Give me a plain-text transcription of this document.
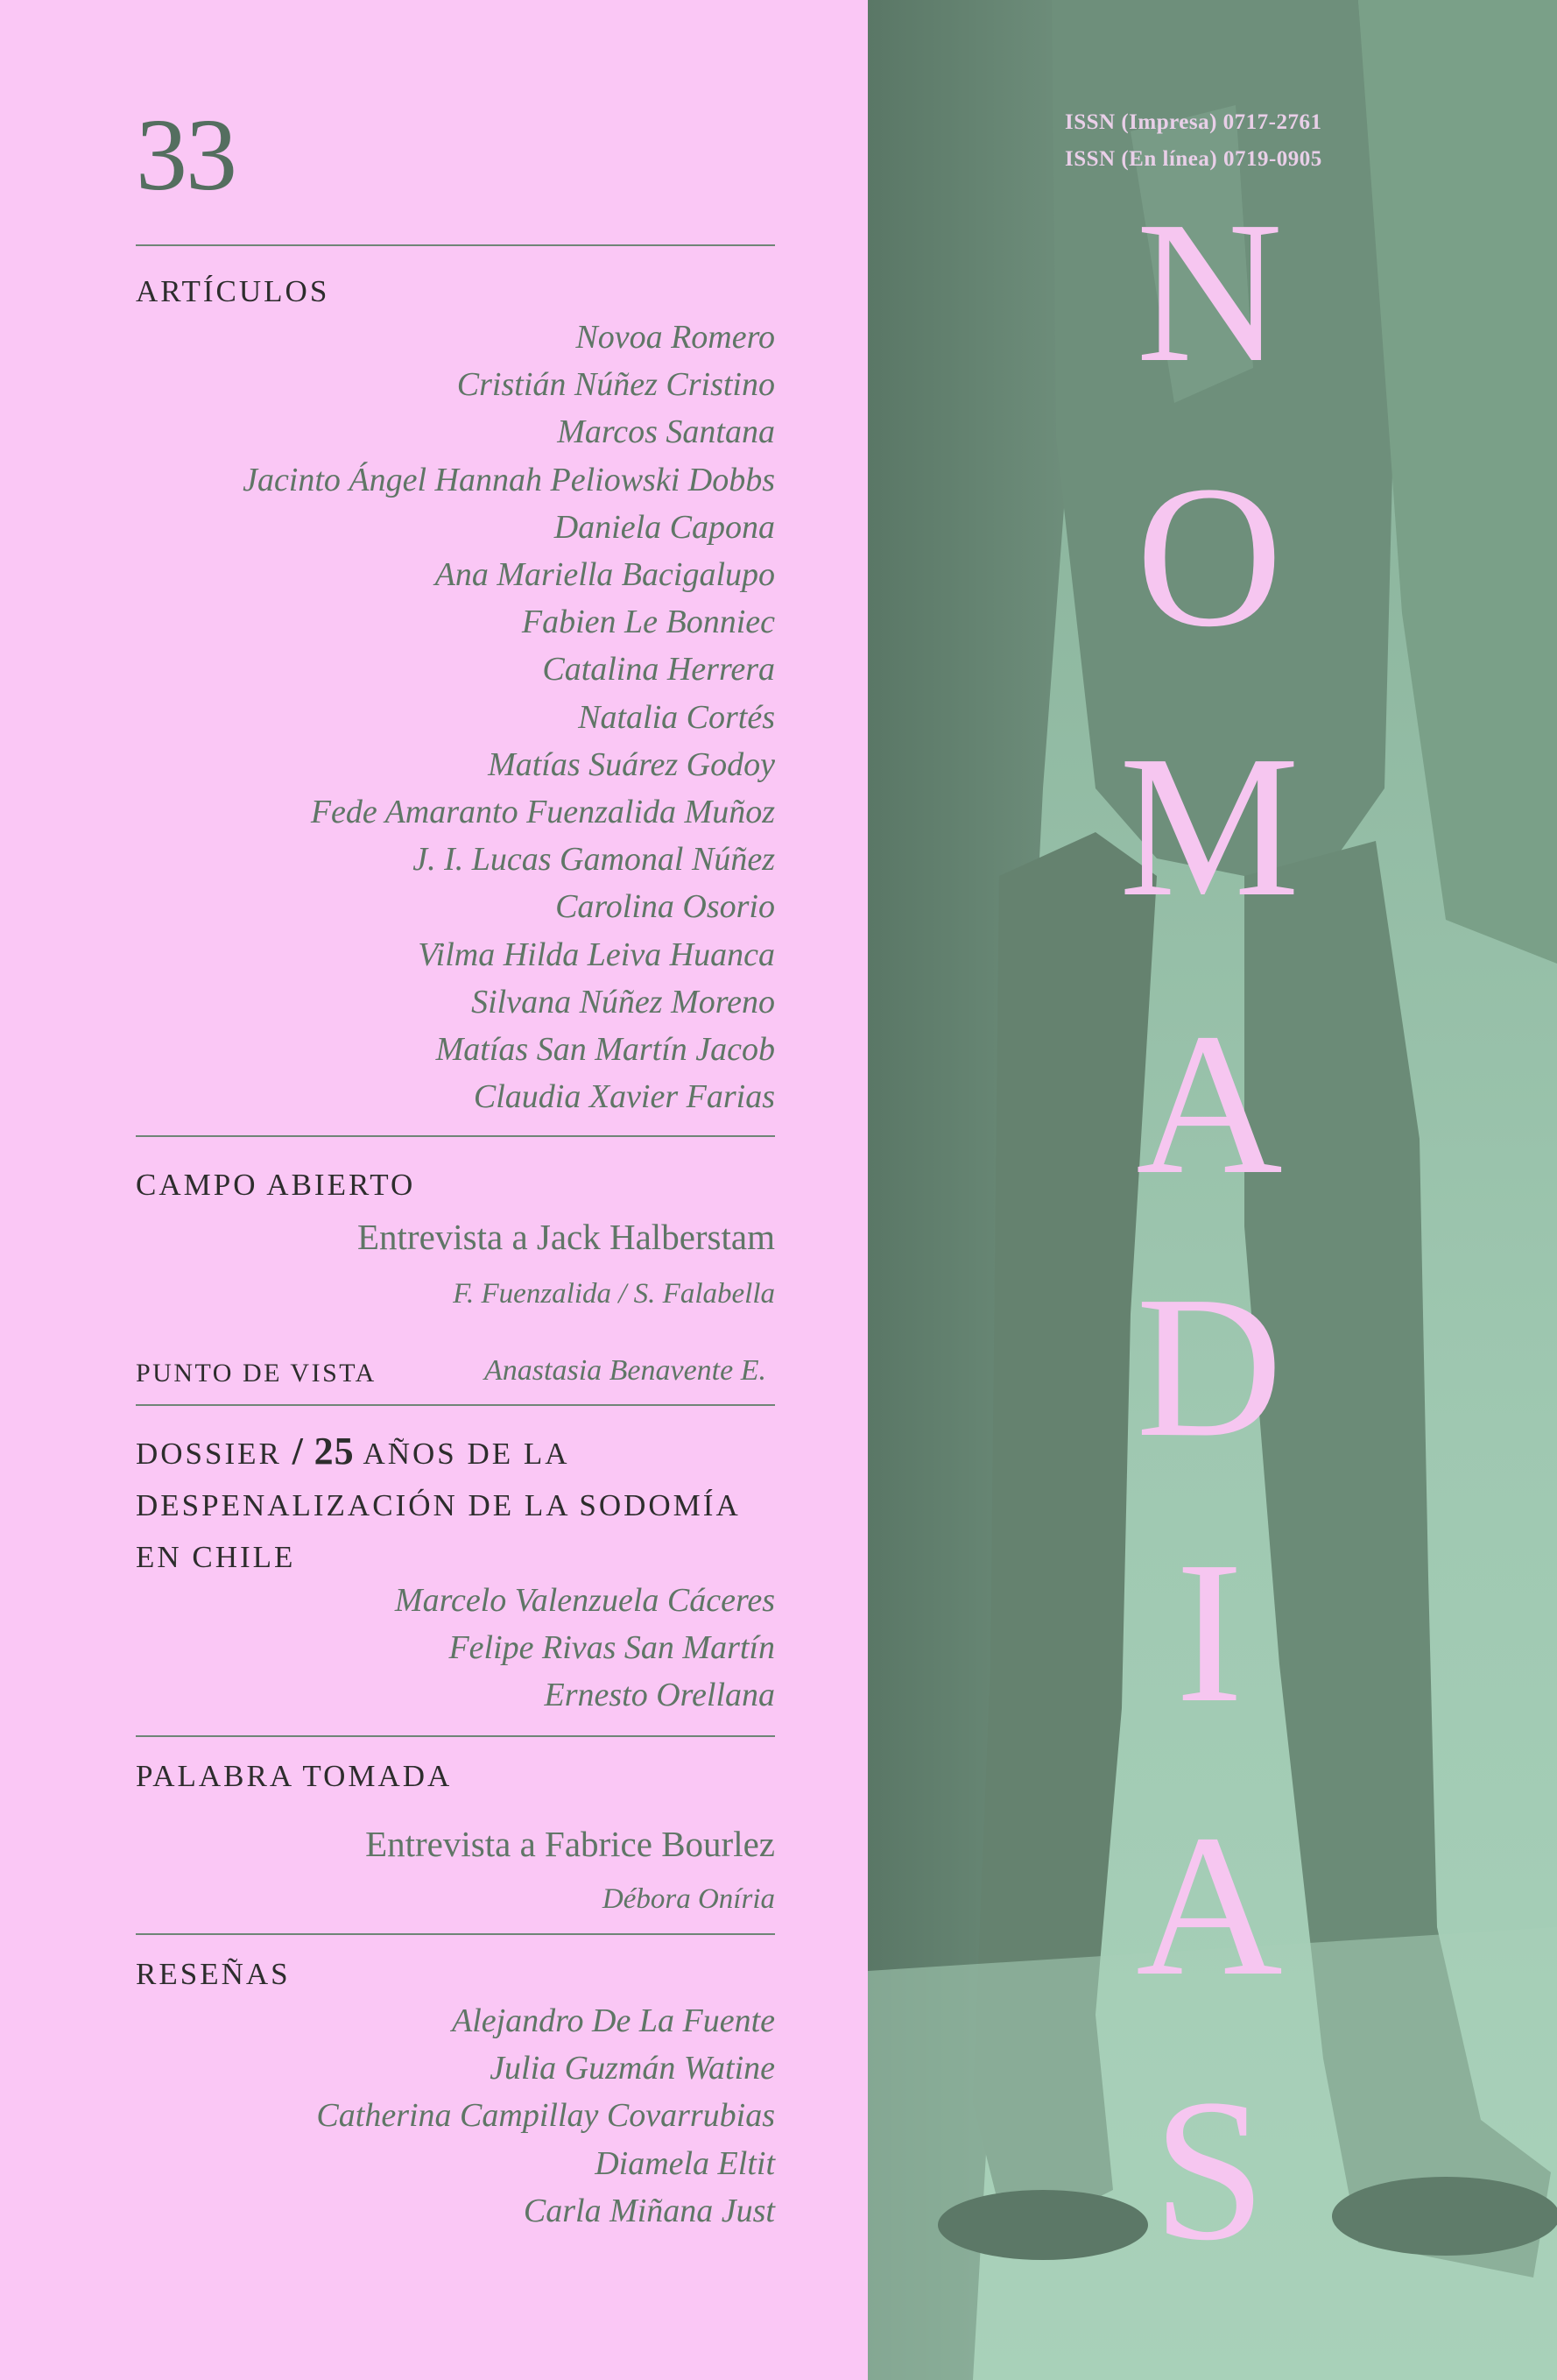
33
ARTÍCULOS
Novoa Romero
Cristián Núñez Cristino
Marcos Santana
Jacinto Ángel Hannah Peliowski Dobbs
Daniela Capona
Ana Mariella Bacigalupo
Fabien Le Bonniec
Catalina Herrera
Natalia Cortés
Matías Suárez Godoy
Fede Amaranto Fuenzalida Muñoz
J. I. Lucas Gamonal Núñez
Carolina Osorio
Vilma Hilda Leiva Huanca
Silvana Núñez Moreno
Matías San Martín Jacob
Claudia Xavier Farias
CAMPO ABIERTO
Entrevista a Jack Halberstam
F. Fuenzalida / S. Falabella
PUNTO DE VISTA	Anastasia Benavente E.
DOSSIER / 25 AÑOS DE LA
DESPENALIZACIÓN DE LA SODOMÍA
EN CHILE
Marcelo Valenzuela Cáceres
Felipe Rivas San Martín
Ernesto Orellana
PALABRA TOMADA
Entrevista a Fabrice Bourlez
Débora Oníria
RESEÑAS
Alejandro De La Fuente
Julia Guzmán Watine
Catherina Campillay Covarrubias
Diamela Eltit
Carla Miñana Just
ISSN (Impresa) 0717-2761
ISSN (En línea) 0719-0905
N
O
M
A
D
I
A
S
